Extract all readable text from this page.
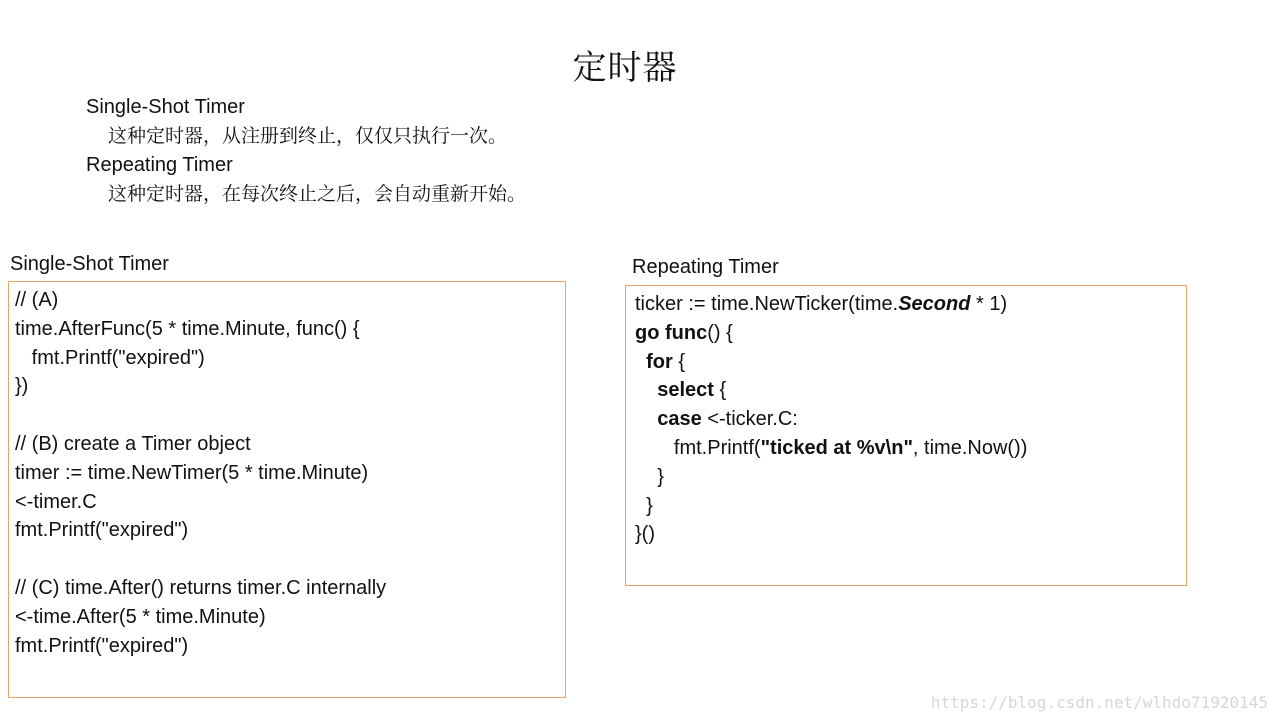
定时器
Single-Shot Timer
这种定时器，从注册到终止，仅仅只执行一次。
Repeating Timer
这种定时器，在每次终止之后，会自动重新开始。
Single-Shot Timer
// (A)
time.AfterFunc(5 * time.Minute, func() {
fmt.Printf("expired")
})
// (B) create a Timer object
timer := time.NewTimer(5 * time.Minute)
<-timer.C
fmt.Printf("expired")
// (C) time.After() returns timer.C internally
<-time.After(5 * time.Minute)
fmt.Printf("expired")
Repeating Timer
ticker := time.NewTicker(time.Second * 1)
go func() {
for {
select {
case <-ticker.C:
fmt.Printf("ticked at %v\n", time.Now())
}
}
}()
https://blog.csdn.net/wlhdo71920145
